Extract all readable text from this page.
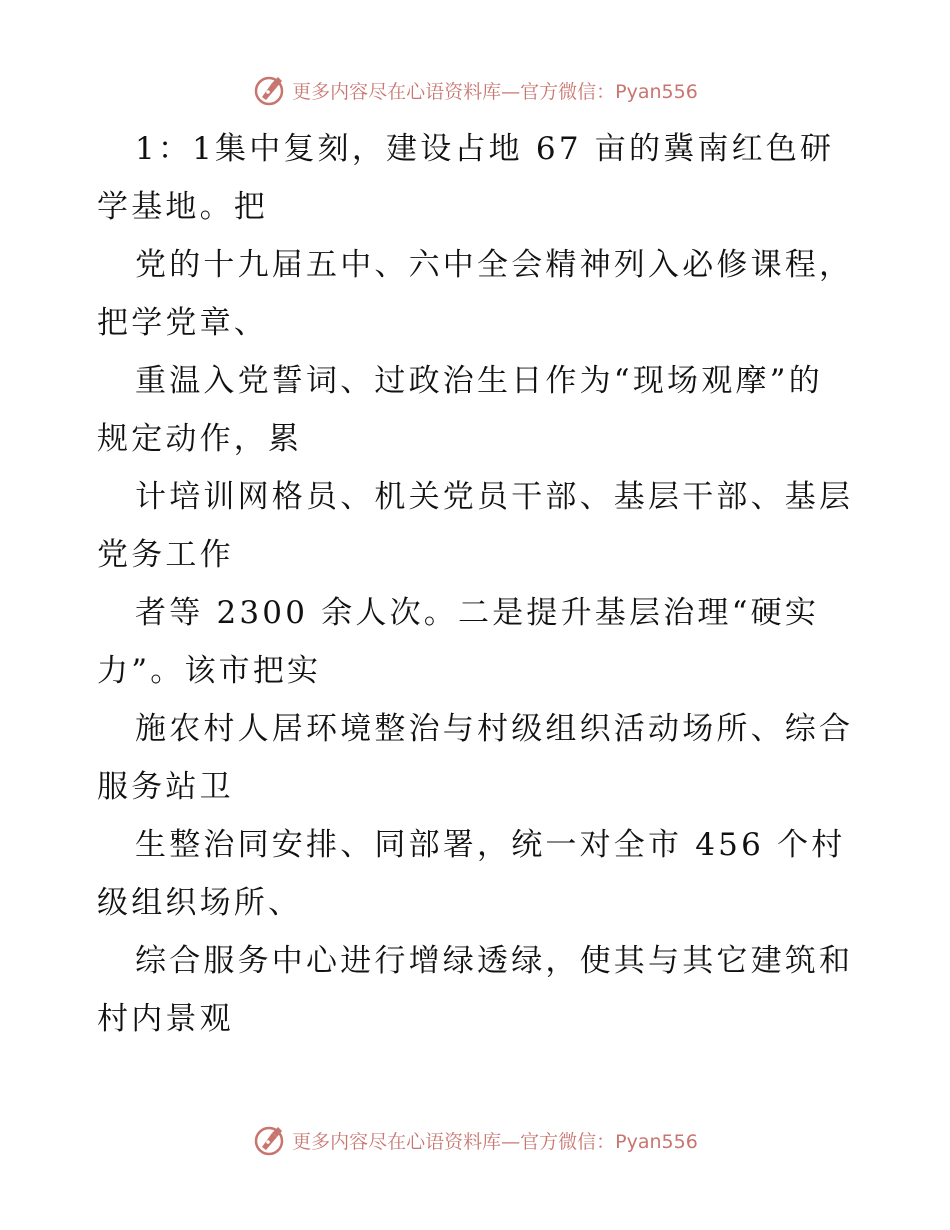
更多内容尽在心语资料库—官方微信：Pyan556
1：1集中复刻，建设占地 67 亩的冀南红色研
学基地。把
党的十九届五中、六中全会精神列入必修课程，
把学党章、
重温入党誓词、过政治生日作为“现场观摩”的
规定动作，累
计培训网格员、机关党员干部、基层干部、基层
党务工作
者等 2300 余人次。二是提升基层治理“硬实
力”。该市把实
施农村人居环境整治与村级组织活动场所、综合
服务站卫
生整治同安排、同部署，统一对全市 456 个村
级组织场所、
综合服务中心进行增绿透绿，使其与其它建筑和
村内景观
更多内容尽在心语资料库—官方微信：Pyan556
